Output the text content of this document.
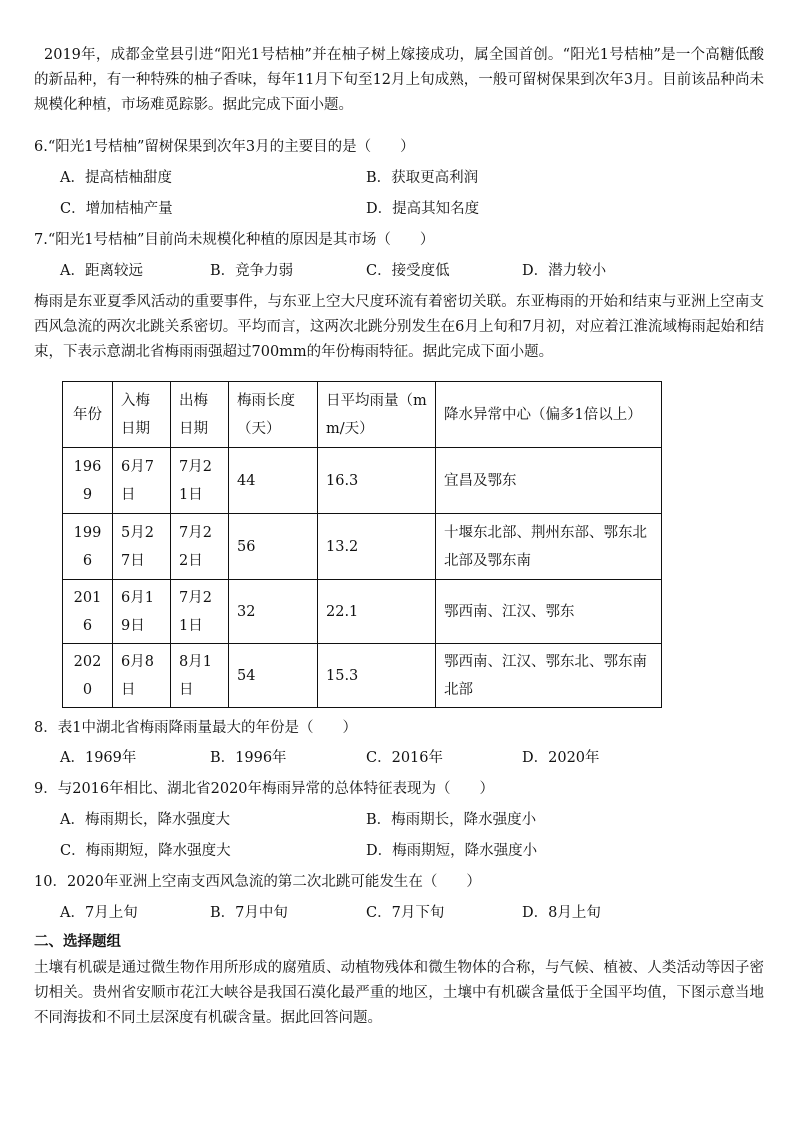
2019年，成都金堂县引进“阳光1号桔柚”并在柚子树上嫁接成功，属全国首创。“阳光1号桔柚”是一个高糖低酸的新品种，有一种特殊的柚子香味，每年11月下旬至12月上旬成熟，一般可留树保果到次年3月。目前该品种尚未规模化种植，市场难觅踪影。据此完成下面小题。

6.“阳光1号桔柚”留树保果到次年3月的主要目的是（　　）
A．提高桔柚甜度	B．获取更高利润
C．增加桔柚产量	D．提高其知名度
7.“阳光1号桔柚”目前尚未规模化种植的原因是其市场（　　）
A．距离较远	B．竞争力弱	C．接受度低	D．潜力较小

梅雨是东亚夏季风活动的重要事件，与东亚上空大尺度环流有着密切关联。东亚梅雨的开始和结束与亚洲上空南支西风急流的两次北跳关系密切。平均而言，这两次北跳分别发生在6月上旬和7月初，对应着江淮流域梅雨起始和结束，下表示意湖北省梅雨雨强超过700mm的年份梅雨特征。据此完成下面小题。

年份	入梅日期	出梅日期	梅雨长度（天）	日平均雨量（mm/天）	降水异常中心（偏多1倍以上）
1969	6月7日	7月21日	44	16.3	宜昌及鄂东
1996	5月27日	7月22日	56	13.2	十堰东北部、荆州东部、鄂东北北部及鄂东南
2016	6月19日	7月21日	32	22.1	鄂西南、江汉、鄂东
2020	6月8日	8月1日	54	15.3	鄂西南、江汉、鄂东北、鄂东南北部
8．表1中湖北省梅雨降雨量最大的年份是（　　）
A．1969年	B．1996年	C．2016年	D．2020年
9．与2016年相比、湖北省2020年梅雨异常的总体特征表现为（　　）
A．梅雨期长，降水强度大	B．梅雨期长，降水强度小
C．梅雨期短，降水强度大	D．梅雨期短，降水强度小
10．2020年亚洲上空南支西风急流的第二次北跳可能发生在（　　）
A．7月上旬	B．7月中旬	C．7月下旬	D．8月上旬
二、选择题组

土壤有机碳是通过微生物作用所形成的腐殖质、动植物残体和微生物体的合称，与气候、植被、人类活动等因子密切相关。贵州省安顺市花江大峡谷是我国石漠化最严重的地区，土壤中有机碳含量低于全国平均值，下图示意当地不同海拔和不同土层深度有机碳含量。据此回答问题。
